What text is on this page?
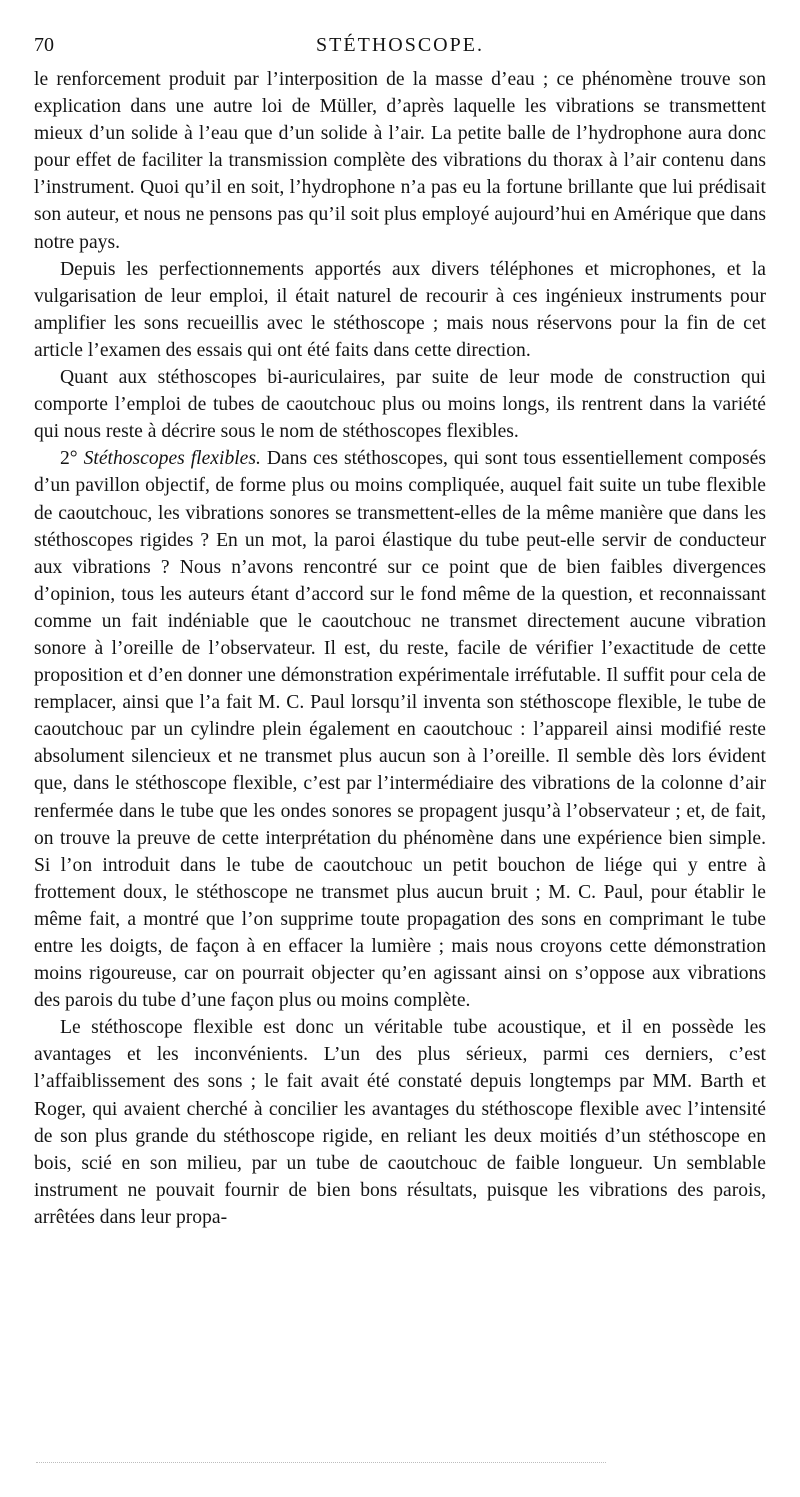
70	STÉTHOSCOPE.

le renforcement produit par l’interposition de la masse d’eau ; ce phénomène trouve son explication dans une autre loi de Müller, d’après laquelle les vibrations se transmettent mieux d’un solide à l’eau que d’un solide à l’air. La petite balle de l’hydrophone aura donc pour effet de faciliter la transmission complète des vibrations du thorax à l’air contenu dans l’instrument. Quoi qu’il en soit, l’hydrophone n’a pas eu la fortune brillante que lui prédisait son auteur, et nous ne pensons pas qu’il soit plus employé aujourd’hui en Amérique que dans notre pays.

Depuis les perfectionnements apportés aux divers téléphones et microphones, et la vulgarisation de leur emploi, il était naturel de recourir à ces ingénieux instruments pour amplifier les sons recueillis avec le stéthoscope ; mais nous réservons pour la fin de cet article l’examen des essais qui ont été faits dans cette direction.

Quant aux stéthoscopes bi-auriculaires, par suite de leur mode de construction qui comporte l’emploi de tubes de caoutchouc plus ou moins longs, ils rentrent dans la variété qui nous reste à décrire sous le nom de stéthoscopes flexibles.

2° Stéthoscopes flexibles. Dans ces stéthoscopes, qui sont tous essentiellement composés d’un pavillon objectif, de forme plus ou moins compliquée, auquel fait suite un tube flexible de caoutchouc, les vibrations sonores se transmettent-elles de la même manière que dans les stéthoscopes rigides ? En un mot, la paroi élastique du tube peut-elle servir de conducteur aux vibrations ? Nous n’avons rencontré sur ce point que de bien faibles divergences d’opinion, tous les auteurs étant d’accord sur le fond même de la question, et reconnaissant comme un fait indéniable que le caoutchouc ne transmet directement aucune vibration sonore à l’oreille de l’observateur. Il est, du reste, facile de vérifier l’exactitude de cette proposition et d’en donner une démonstration expérimentale irréfutable. Il suffit pour cela de remplacer, ainsi que l’a fait M. C. Paul lorsqu’il inventa son stéthoscope flexible, le tube de caoutchouc par un cylindre plein également en caoutchouc : l’appareil ainsi modifié reste absolument silencieux et ne transmet plus aucun son à l’oreille. Il semble dès lors évident que, dans le stéthoscope flexible, c’est par l’intermédiaire des vibrations de la colonne d’air renfermée dans le tube que les ondes sonores se propagent jusqu’à l’observateur ; et, de fait, on trouve la preuve de cette interprétation du phénomène dans une expérience bien simple. Si l’on introduit dans le tube de caoutchouc un petit bouchon de liége qui y entre à frottement doux, le stéthoscope ne transmet plus aucun bruit ; M. C. Paul, pour établir le même fait, a montré que l’on supprime toute propagation des sons en comprimant le tube entre les doigts, de façon à en effacer la lumière ; mais nous croyons cette démonstration moins rigoureuse, car on pourrait objecter qu’en agissant ainsi on s’oppose aux vibrations des parois du tube d’une façon plus ou moins complète.

Le stéthoscope flexible est donc un véritable tube acoustique, et il en possède les avantages et les inconvénients. L’un des plus sérieux, parmi ces derniers, c’est l’affaiblissement des sons ; le fait avait été constaté depuis longtemps par MM. Barth et Roger, qui avaient cherché à concilier les avantages du stéthoscope flexible avec l’intensité de son plus grande du stéthoscope rigide, en reliant les deux moitiés d’un stéthoscope en bois, scié en son milieu, par un tube de caoutchouc de faible longueur. Un semblable instrument ne pouvait fournir de bien bons résultats, puisque les vibrations des parois, arrêtées dans leur propa-
